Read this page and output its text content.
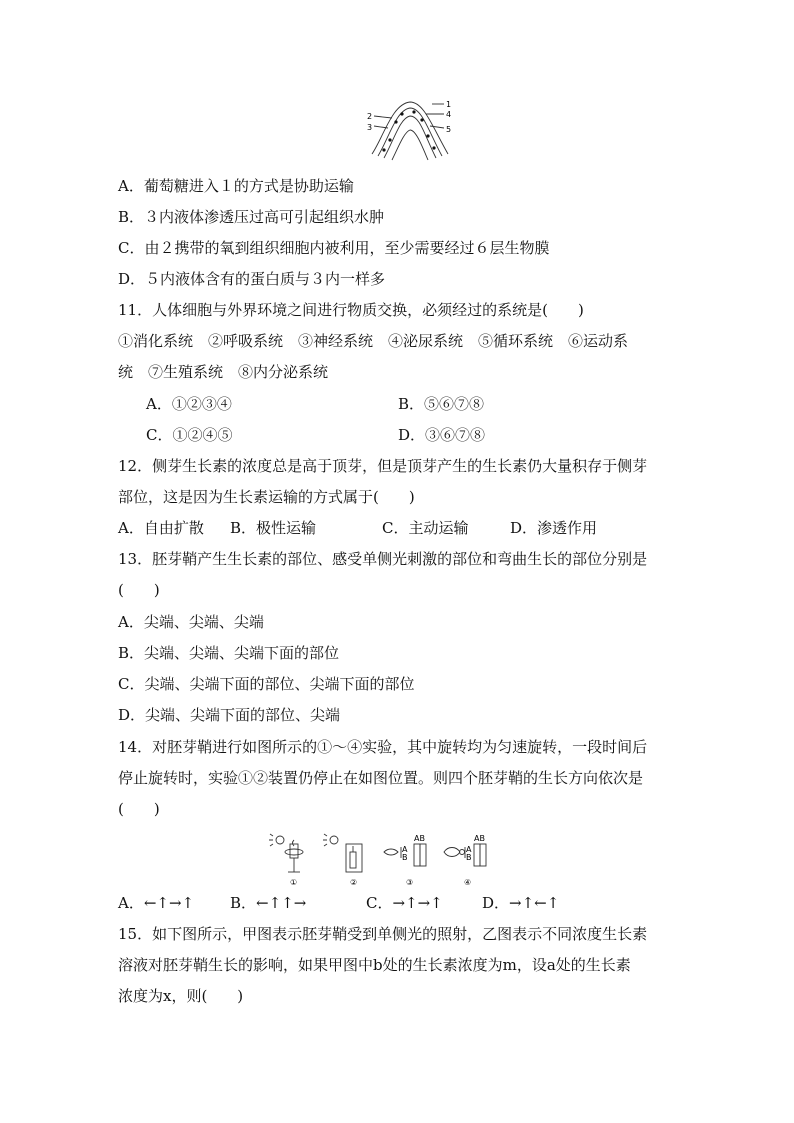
1
2
3
4
5
A．葡萄糖进入１的方式是协助运输
B．３内液体渗透压过高可引起组织水肿
C．由２携带的氧到组织细胞内被利用，至少需要经过６层生物膜
D．５内液体含有的蛋白质与３内一样多
11．人体细胞与外界环境之间进行物质交换，必须经过的系统是(　　)
①消化系统　②呼吸系统　③神经系统　④泌尿系统　⑤循环系统　⑥运动系
统　⑦生殖系统　⑧内分泌系统
A．①②③④	B．⑤⑥⑦⑧
C．①②④⑤	D．③⑥⑦⑧
12．侧芽生长素的浓度总是高于顶芽，但是顶芽产生的生长素仍大量积存于侧芽
部位，这是因为生长素运输的方式属于(　　)
A．自由扩散 B．极性运输	C．主动运输	D．渗透作用
13．胚芽鞘产生生长素的部位、感受单侧光刺激的部位和弯曲生长的部位分别是
(　　)
A．尖端、尖端、尖端
B．尖端、尖端、尖端下面的部位
C．尖端、尖端下面的部位、尖端下面的部位
D．尖端、尖端下面的部位、尖端
14．对胚芽鞘进行如图所示的①～④实验，其中旋转均为匀速旋转，一段时间后
停止旋转时，实验①②装置仍停止在如图位置。则四个胚芽鞘的生长方向依次是
(　　)
AB
A
B
AB
A
B
①	②	③	④
A．←↑→↑ B．←↑↑→	C．→↑→↑	D．→↑←↑
15．如下图所示，甲图表示胚芽鞘受到单侧光的照射，乙图表示不同浓度生长素
溶液对胚芽鞘生长的影响，如果甲图中b处的生长素浓度为m，设a处的生长素
浓度为x，则(　　)
